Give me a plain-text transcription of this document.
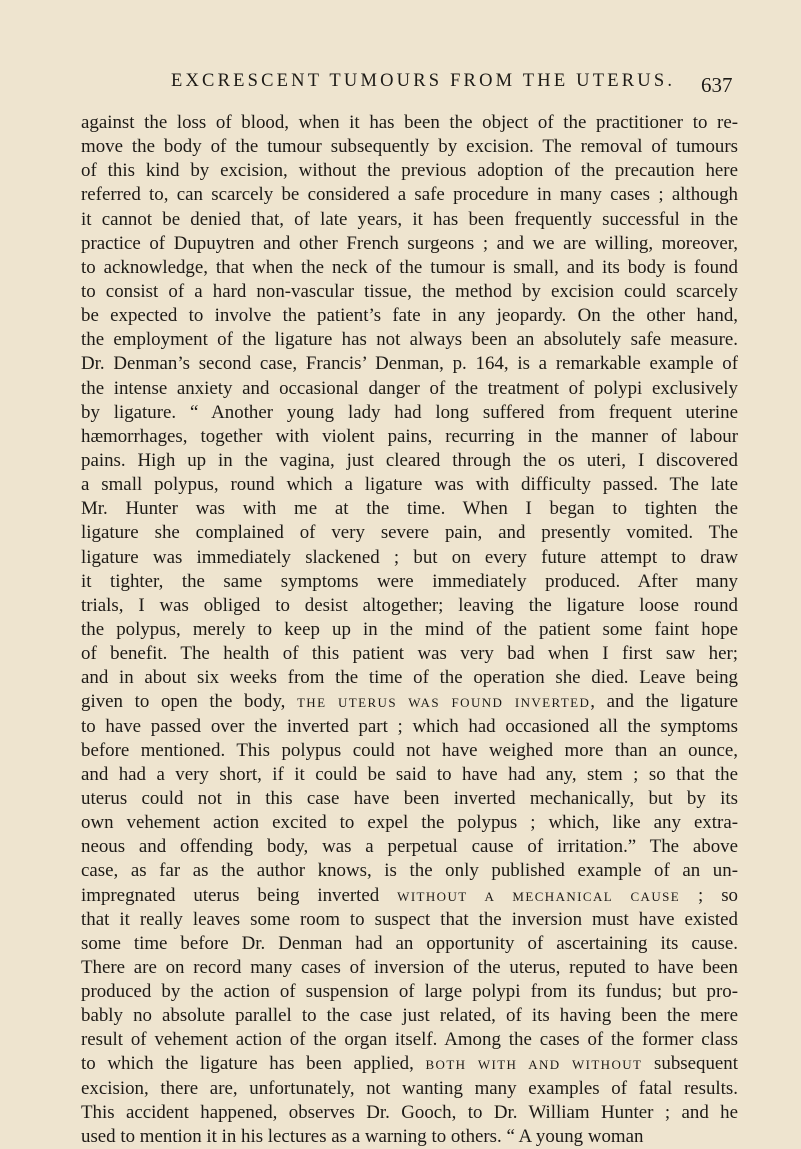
EXCRESCENT TUMOURS FROM THE UTERUS. 637
against the loss of blood, when it has been the object of the practitioner to re-
move the body of the tumour subsequently by excision. The removal of tumours
of this kind by excision, without the previous adoption of the precaution here
referred to, can scarcely be considered a safe procedure in many cases ; although
it cannot be denied that, of late years, it has been frequently successful in the
practice of Dupuytren and other French surgeons ; and we are willing, moreover,
to acknowledge, that when the neck of the tumour is small, and its body is found
to consist of a hard non-vascular tissue, the method by excision could scarcely
be expected to involve the patient’s fate in any jeopardy. On the other hand,
the employment of the ligature has not always been an absolutely safe measure.
Dr. Denman’s second case, Francis’ Denman, p. 164, is a remarkable example of
the intense anxiety and occasional danger of the treatment of polypi exclusively
by ligature. “ Another young lady had long suffered from frequent uterine
hæmorrhages, together with violent pains, recurring in the manner of labour
pains. High up in the vagina, just cleared through the os uteri, I discovered
a small polypus, round which a ligature was with difficulty passed. The late
Mr. Hunter was with me at the time. When I began to tighten the
ligature she complained of very severe pain, and presently vomited. The
ligature was immediately slackened ; but on every future attempt to draw
it tighter, the same symptoms were immediately produced. After many
trials, I was obliged to desist altogether; leaving the ligature loose round
the polypus, merely to keep up in the mind of the patient some faint hope
of benefit. The health of this patient was very bad when I first saw her;
and in about six weeks from the time of the operation she died. Leave being
given to open the body, THE UTERUS WAS FOUND INVERTED, and the ligature
to have passed over the inverted part ; which had occasioned all the symptoms
before mentioned. This polypus could not have weighed more than an ounce,
and had a very short, if it could be said to have had any, stem ; so that the
uterus could not in this case have been inverted mechanically, but by its
own vehement action excited to expel the polypus ; which, like any extra-
neous and offending body, was a perpetual cause of irritation.” The above
case, as far as the author knows, is the only published example of an un-
impregnated uterus being inverted WITHOUT A MECHANICAL CAUSE ; so
that it really leaves some room to suspect that the inversion must have existed
some time before Dr. Denman had an opportunity of ascertaining its cause.
There are on record many cases of inversion of the uterus, reputed to have been
produced by the action of suspension of large polypi from its fundus; but pro-
bably no absolute parallel to the case just related, of its having been the mere
result of vehement action of the organ itself. Among the cases of the former class
to which the ligature has been applied, BOTH WITH AND WITHOUT subsequent
excision, there are, unfortunately, not wanting many examples of fatal results.
This accident happened, observes Dr. Gooch, to Dr. William Hunter ; and he
used to mention it in his lectures as a warning to others. “ A young woman
